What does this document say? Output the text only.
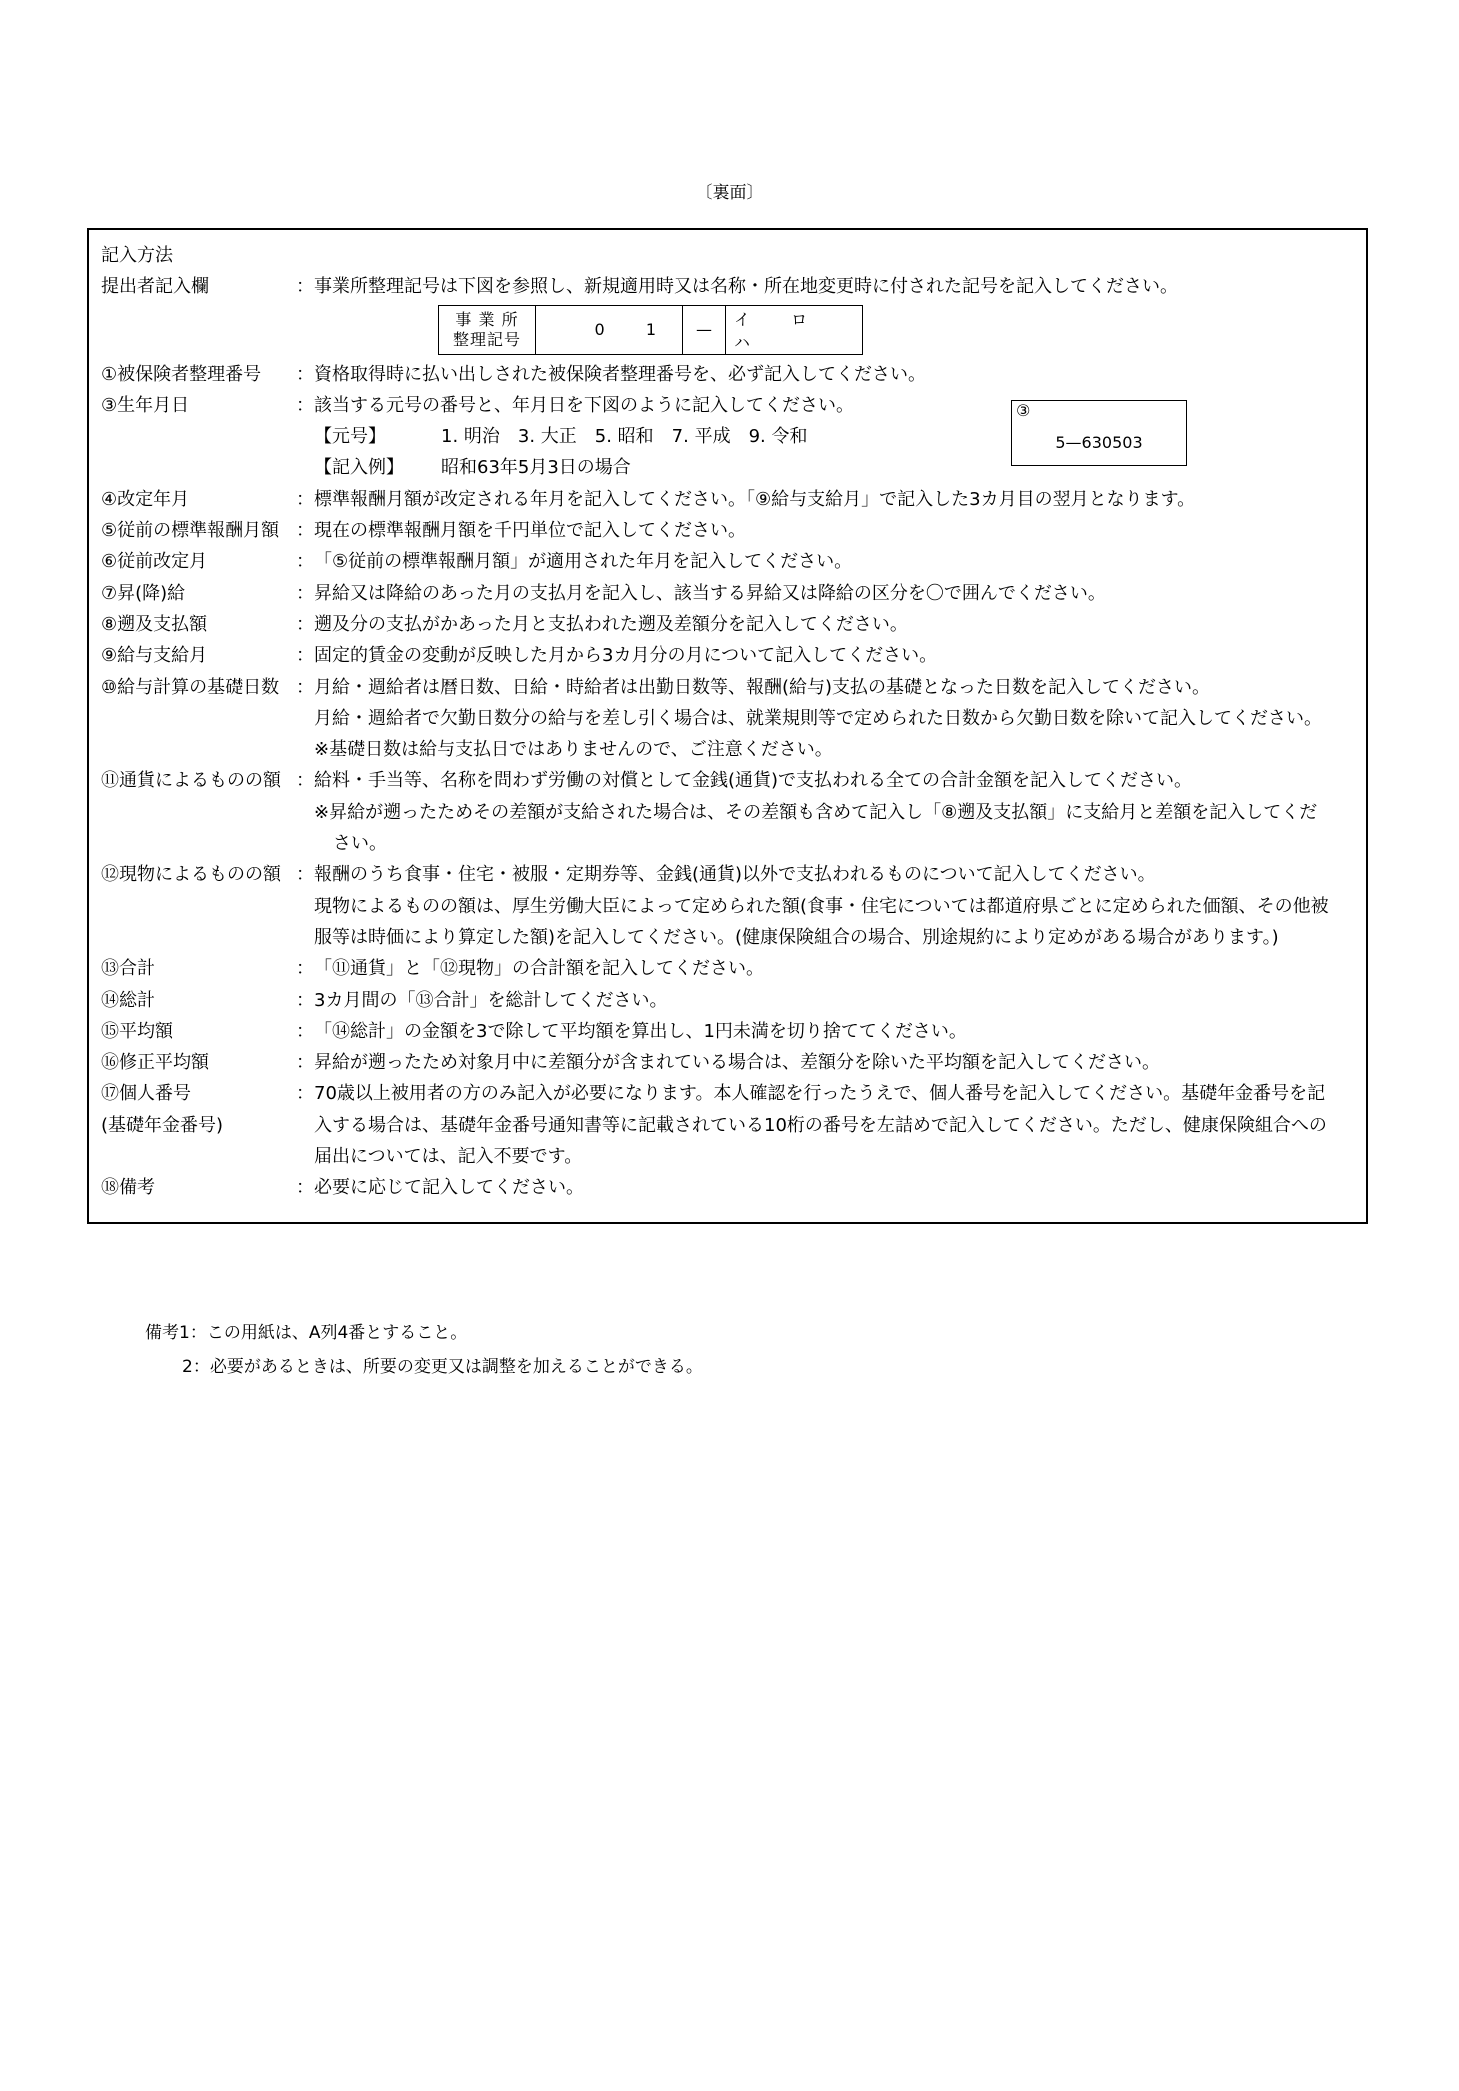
〔裏面〕
記入方法
提出者記入欄	： 事業所整理記号は下図を参照し、新規適用時又は名称・所在地変更時に付された記号を記入してください。
事 業 所
整理記号	0 1	—	イ ロ ハ
①被保険者整理番号	： 資格取得時に払い出しされた被保険者整理番号を、必ず記入してください。
③生年月日	： 該当する元号の番号と、年月日を下図のように記入してください。
【元号】	1. 明治　3. 大正　5. 昭和　7. 平成　9. 令和
【記入例】 昭和63年5月3日の場合
③
5—630503
④改定年月	： 標準報酬月額が改定される年月を記入してください。「⑨給与支給月」で記入した3カ月目の翌月となります。
⑤従前の標準報酬月額 ： 現在の標準報酬月額を千円単位で記入してください。
⑥従前改定月	： 「⑤従前の標準報酬月額」が適用された年月を記入してください。
⑦昇(降)給	： 昇給又は降給のあった月の支払月を記入し、該当する昇給又は降給の区分を〇で囲んでください。
⑧遡及支払額	： 遡及分の支払がかあった月と支払われた遡及差額分を記入してください。
⑨給与支給月	： 固定的賃金の変動が反映した月から3カ月分の月について記入してください。
⑩給与計算の基礎日数 ： 月給・週給者は暦日数、日給・時給者は出勤日数等、報酬(給与)支払の基礎となった日数を記入してください。
月給・週給者で欠勤日数分の給与を差し引く場合は、就業規則等で定められた日数から欠勤日数を除いて記入してください。
※基礎日数は給与支払日ではありませんので、ご注意ください。
⑪通貨によるものの額 ： 給料・手当等、名称を問わず労働の対償として金銭(通貨)で支払われる全ての合計金額を記入してください。
※昇給が遡ったためその差額が支給された場合は、その差額も含めて記入し「⑧遡及支払額」に支給月と差額を記入してくだ
さい。
⑫現物によるものの額 ： 報酬のうち食事・住宅・被服・定期券等、金銭(通貨)以外で支払われるものについて記入してください。
現物によるものの額は、厚生労働大臣によって定められた額(食事・住宅については都道府県ごとに定められた価額、その他被
服等は時価により算定した額)を記入してください。(健康保険組合の場合、別途規約により定めがある場合があります。)
⑬合計	： 「⑪通貨」と「⑫現物」の合計額を記入してください。
⑭総計	： 3カ月間の「⑬合計」を総計してください。
⑮平均額	： 「⑭総計」の金額を3で除して平均額を算出し、1円未満を切り捨ててください。
⑯修正平均額	： 昇給が遡ったため対象月中に差額分が含まれている場合は、差額分を除いた平均額を記入してください。
⑰個人番号	： 70歳以上被用者の方のみ記入が必要になります。本人確認を行ったうえで、個人番号を記入してください。基礎年金番号を記
(基礎年金番号)	入する場合は、基礎年金番号通知書等に記載されている10桁の番号を左詰めで記入してください。ただし、健康保険組合への
届出については、記入不要です。
⑱備考	： 必要に応じて記入してください。
備考1：この用紙は、A列4番とすること。
2：必要があるときは、所要の変更又は調整を加えることができる。
